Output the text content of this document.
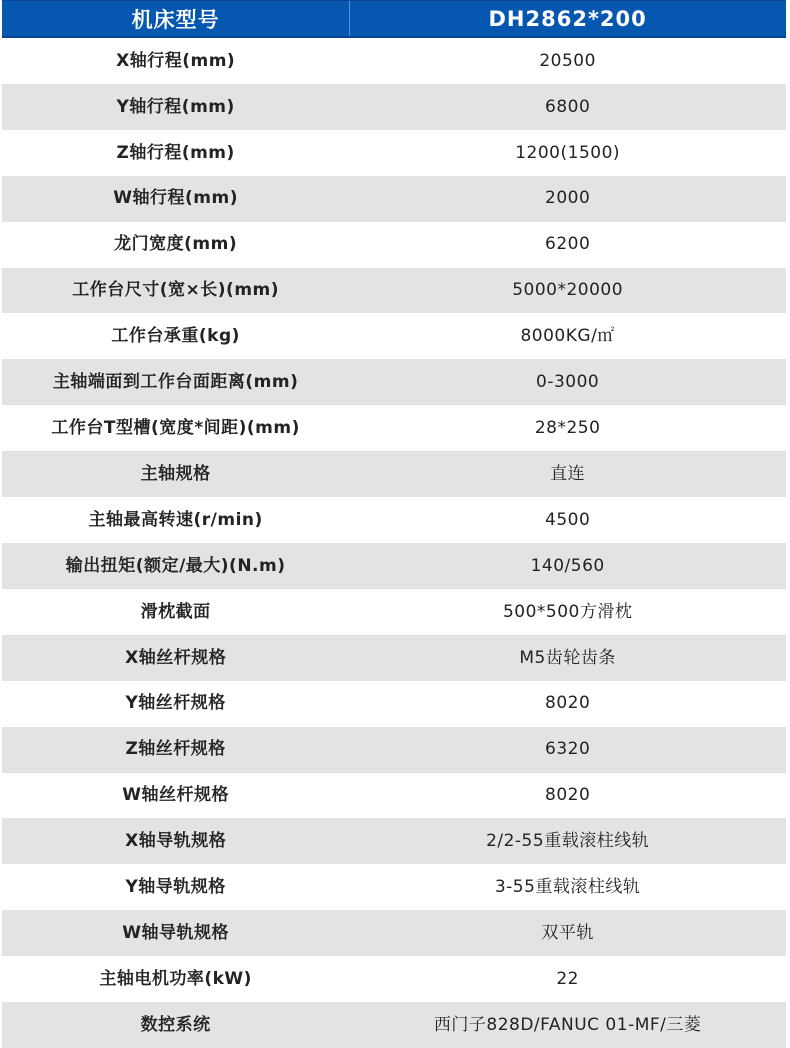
机床型号	DH2862*200
X轴行程(mm)	20500
Y轴行程(mm)	6800
Z轴行程(mm)	1200(1500)
W轴行程(mm)	2000
龙门宽度(mm)	6200
工作台尺寸(宽×长)(mm)	5000*20000
工作台承重(kg)	8000KG/㎡
主轴端面到工作台面距离(mm)	0-3000
工作台T型槽(宽度*间距)(mm)	28*250
主轴规格	直连
主轴最高转速(r/min)	4500
输出扭矩(额定/最大)(N.m)	140/560
滑枕截面	500*500方滑枕
X轴丝杆规格	M5齿轮齿条
Y轴丝杆规格	8020
Z轴丝杆规格	6320
W轴丝杆规格	8020
X轴导轨规格	2/2-55重载滚柱线轨
Y轴导轨规格	3-55重载滚柱线轨
W轴导轨规格	双平轨
主轴电机功率(kW)	22
数控系统	西门子828D/FANUC 01-MF/三菱
